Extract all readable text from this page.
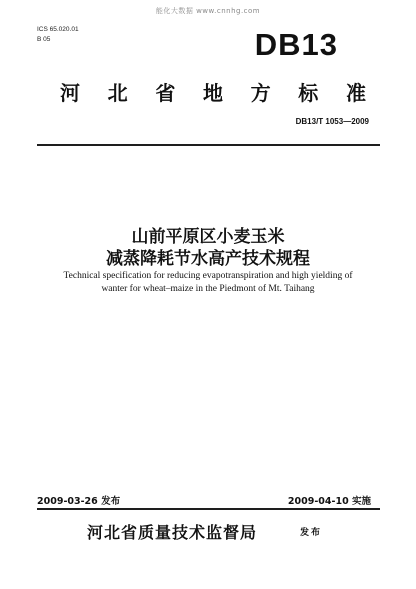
能化大数据 www.cnnhg.com
ICS 65.020.01
B 05	DB13
河 北 省 地 方 标 准
DB13/T 1053—2009
山前平原区小麦玉米
减蒸降耗节水高产技术规程
Technical specification for reducing evapotranspiration and high yielding of
wanter for wheat–maize in the Piedmont of Mt. Taihang
2009-03-26 发布	2009-04-10 实施
河北省质量技术监督局	发布
